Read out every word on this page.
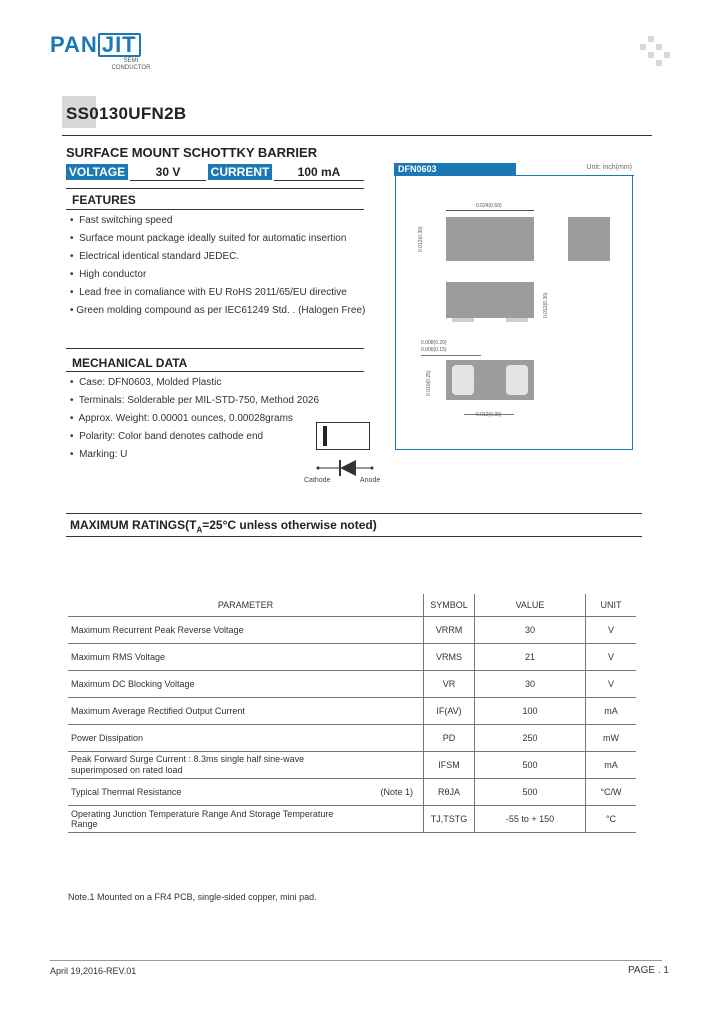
PAN JIT
SEMI
CONDUCTOR
SS0130UFN2B
SURFACE MOUNT SCHOTTKY BARRIER
VOLTAGE	30 V	CURRENT	100 mA
FEATURES
•  Fast switching speed
•  Surface mount package ideally suited for automatic insertion
•  Electrical identical standard JEDEC.
•  High conductor
•  Lead free in comaliance with EU RoHS 2011/65/EU directive
• Green molding compound as per IEC61249 Std. . (Halogen Free)
MECHANICAL DATA
•  Case: DFN0603, Molded Plastic
•  Terminals: Solderable per MIL-STD-750, Method 2026
•  Approx. Weight: 0.00001 ounces, 0.00028grams
•  Polarity: Color band denotes cathode end
•  Marking: U
Cathode	Anode
DFN0603	Unit: inch(mm)
0.024(0.60)
0.012(0.30)
0.012(0.30)
0.008(0.20)
0.006(0.15)
0.010(0.25)
0.012(0.30)
MAXIMUM $RATINGS(T_A=25^\circ C$ unless otherwise noted)
PARAMETER		SYMBOL	VALUE	UNIT
Maximum Recurrent Peak Reverse Voltage		VRRM	30	V
Maximum RMS Voltage		VRMS	21	V
Maximum DC Blocking Voltage		VR	30	V
Maximum Average Rectified Output Current		IF(AV)	100	mA
Power Dissipation		PD	250	mW
Peak Forward Surge Current : 8.3ms single half sine-wave superimposed on rated load		IFSM	500	mA
Typical Thermal Resistance	(Note 1)	RθJA	500	°C/W
Operating Junction Temperature Range And Storage Temperature Range		TJ,TSTG	-55 to + 150	°C
Note.1 Mounted on a FR4 PCB, single-sided copper, mini pad.
April 19,2016-REV.01	PAGE . 1
